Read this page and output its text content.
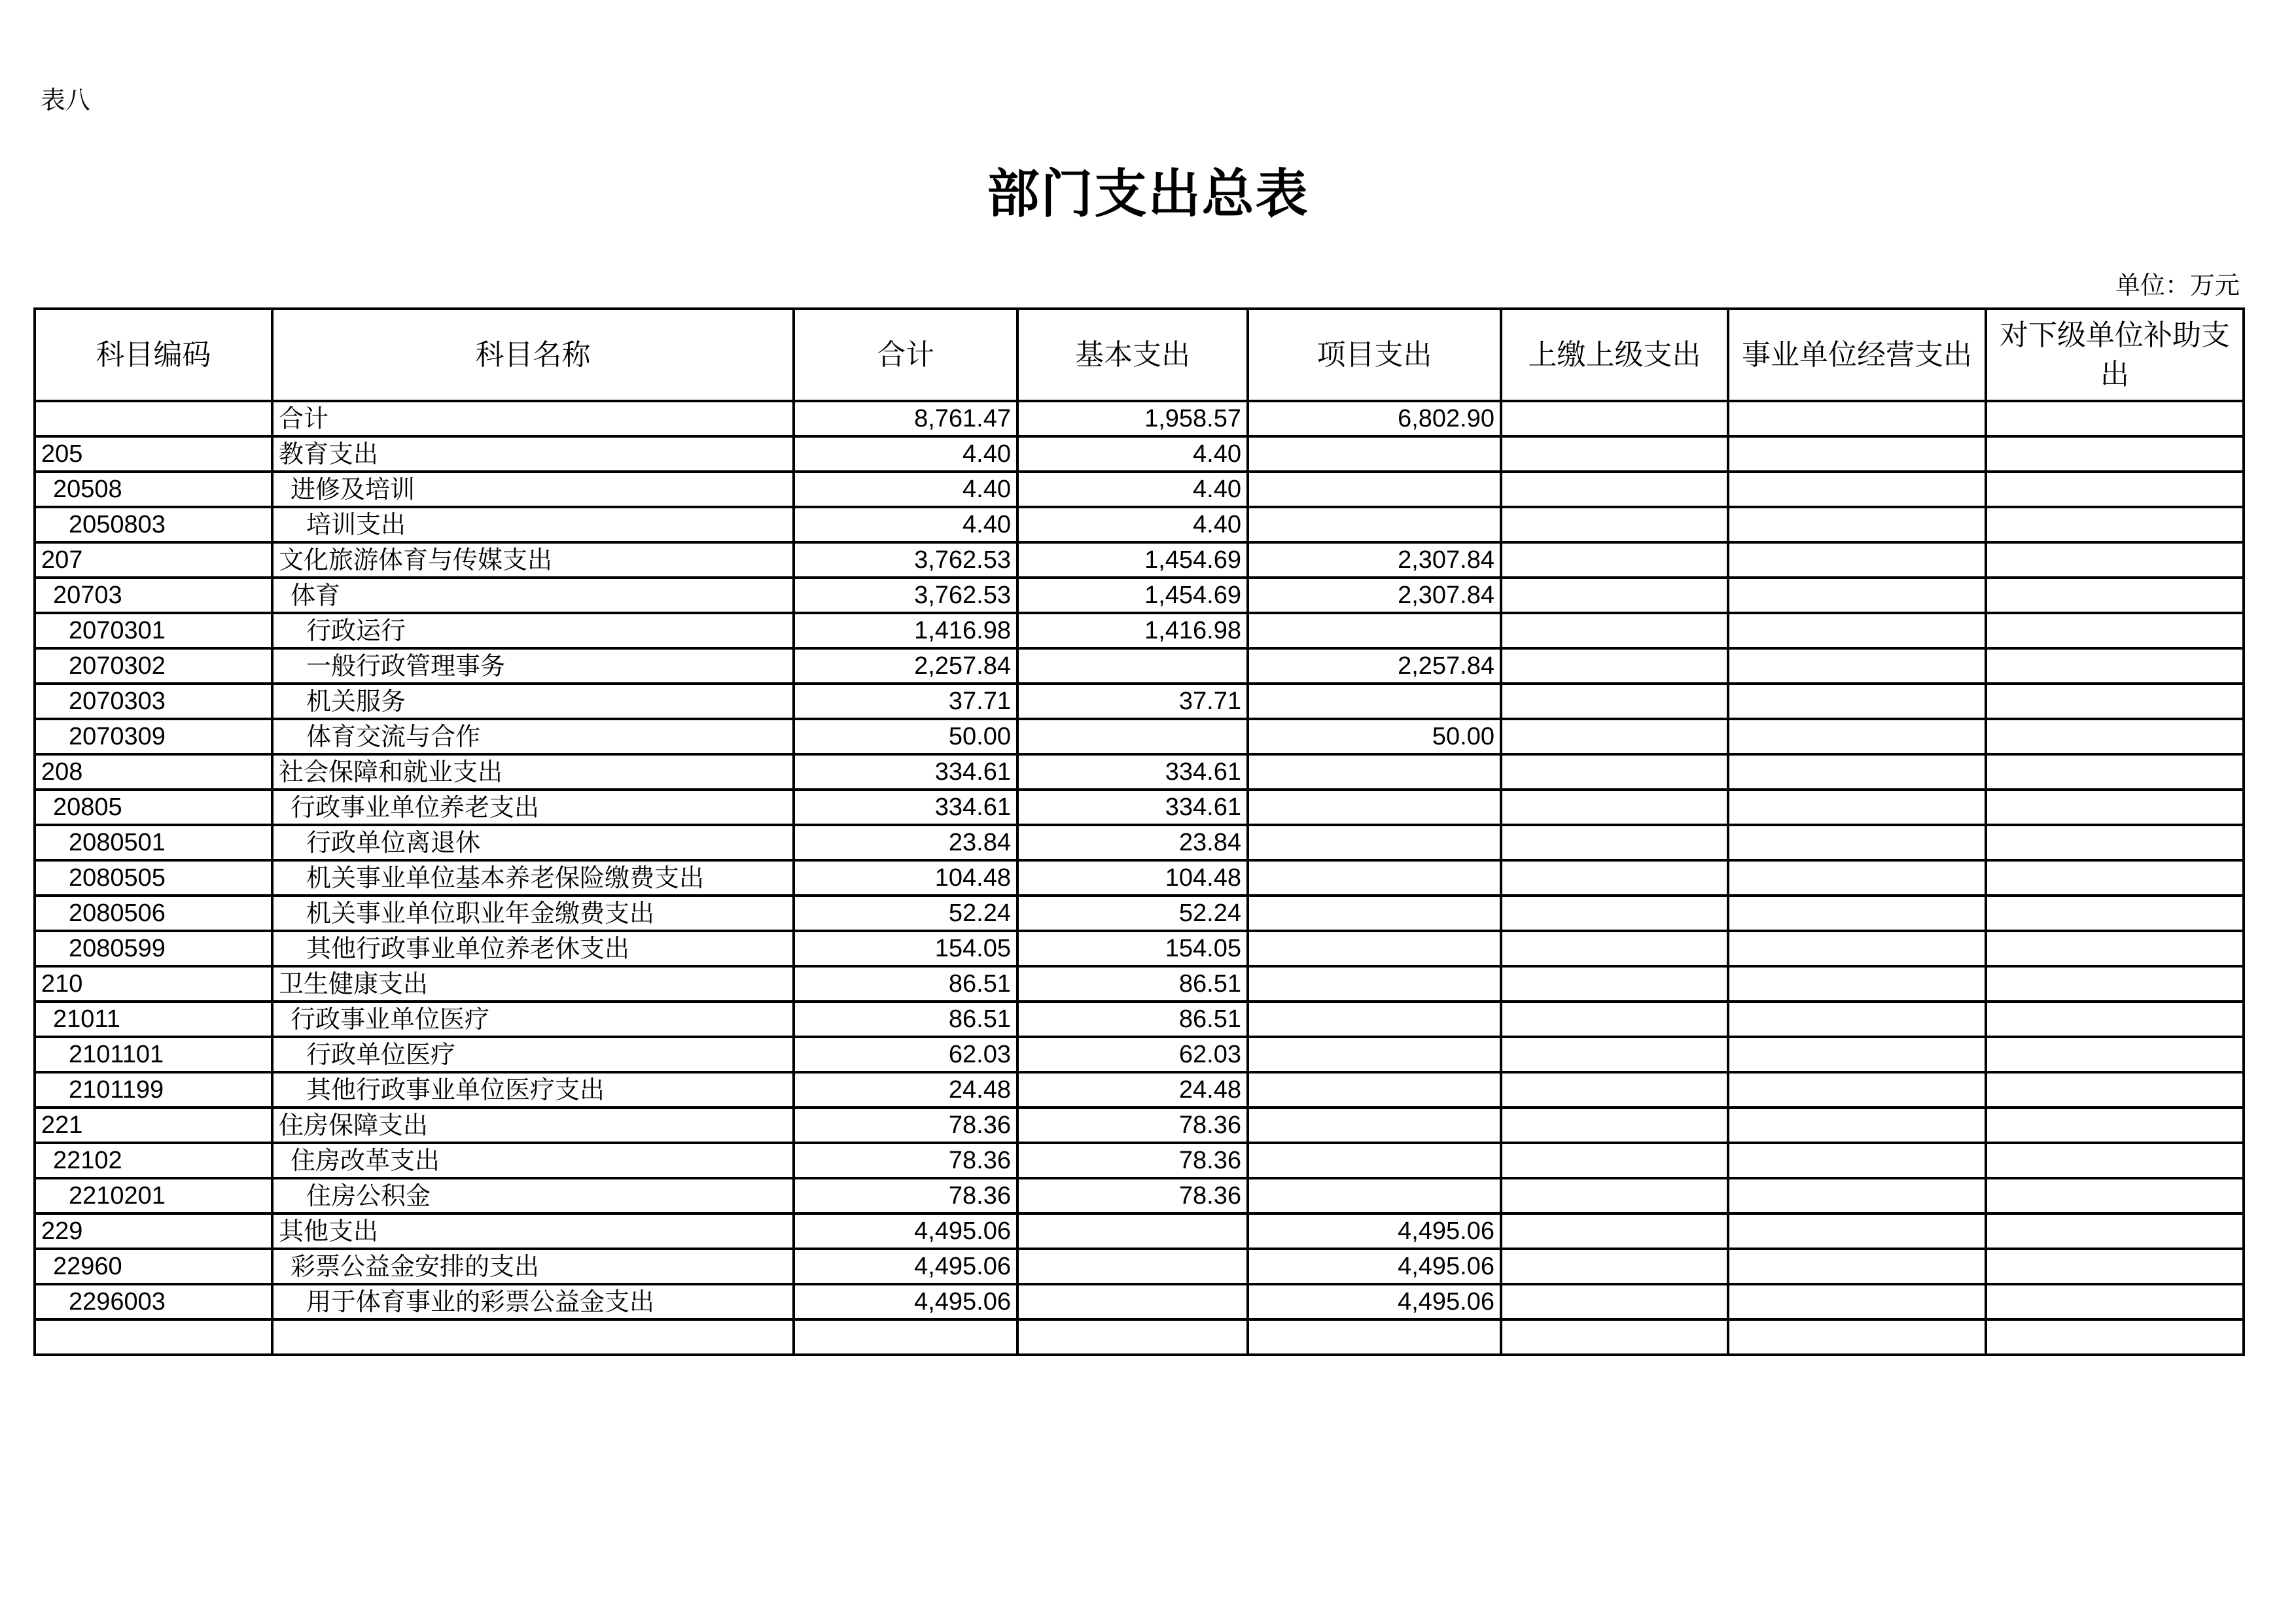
表八
部门支出总表
单位：万元
科目编码	科目名称	合计	基本支出	项目支出	上缴上级支出	事业单位经营支出	对下级单位补助支出
	合计	8,761.47	1,958.57	6,802.90			
205	教育支出	4.40	4.40				
20508	进修及培训	4.40	4.40				
2050803	培训支出	4.40	4.40				
207	文化旅游体育与传媒支出	3,762.53	1,454.69	2,307.84			
20703	体育	3,762.53	1,454.69	2,307.84			
2070301	行政运行	1,416.98	1,416.98				
2070302	一般行政管理事务	2,257.84		2,257.84			
2070303	机关服务	37.71	37.71				
2070309	体育交流与合作	50.00		50.00			
208	社会保障和就业支出	334.61	334.61				
20805	行政事业单位养老支出	334.61	334.61				
2080501	行政单位离退休	23.84	23.84				
2080505	机关事业单位基本养老保险缴费支出	104.48	104.48				
2080506	机关事业单位职业年金缴费支出	52.24	52.24				
2080599	其他行政事业单位养老休支出	154.05	154.05				
210	卫生健康支出	86.51	86.51				
21011	行政事业单位医疗	86.51	86.51				
2101101	行政单位医疗	62.03	62.03				
2101199	其他行政事业单位医疗支出	24.48	24.48				
221	住房保障支出	78.36	78.36				
22102	住房改革支出	78.36	78.36				
2210201	住房公积金	78.36	78.36				
229	其他支出	4,495.06		4,495.06			
22960	彩票公益金安排的支出	4,495.06		4,495.06			
2296003	用于体育事业的彩票公益金支出	4,495.06		4,495.06			
